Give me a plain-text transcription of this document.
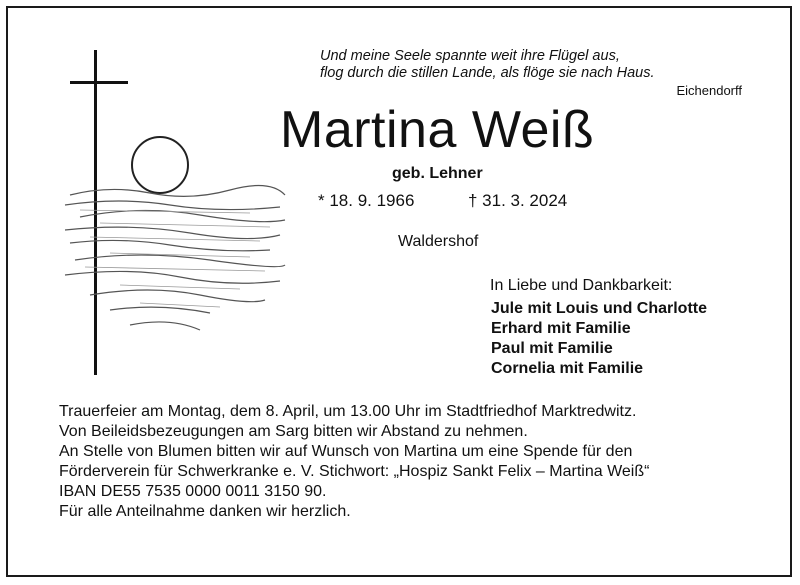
Und meine Seele spannte weit ihre Flügel aus,
flog durch die stillen Lande, als flöge sie nach Haus.
Eichendorff
Martina Weiß
geb. Lehner
* 18. 9. 1966	† 31. 3. 2024
Waldershof
In Liebe und Dankbarkeit:
Jule mit Louis und Charlotte
Erhard mit Familie
Paul mit Familie
Cornelia mit Familie

Trauerfeier am Montag, dem 8. April, um 13.00 Uhr im Stadtfriedhof Marktredwitz.

Von Beileidsbezeugungen am Sarg bitten wir Abstand zu nehmen.

An Stelle von Blumen bitten wir auf Wunsch von Martina um eine Spende für den

Förderverein für Schwerkranke e. V. Stichwort: „Hospiz Sankt Felix – Martina Weiß“

IBAN DE55 7535 0000 0011 3150 90.

Für alle Anteilnahme danken wir herzlich.
